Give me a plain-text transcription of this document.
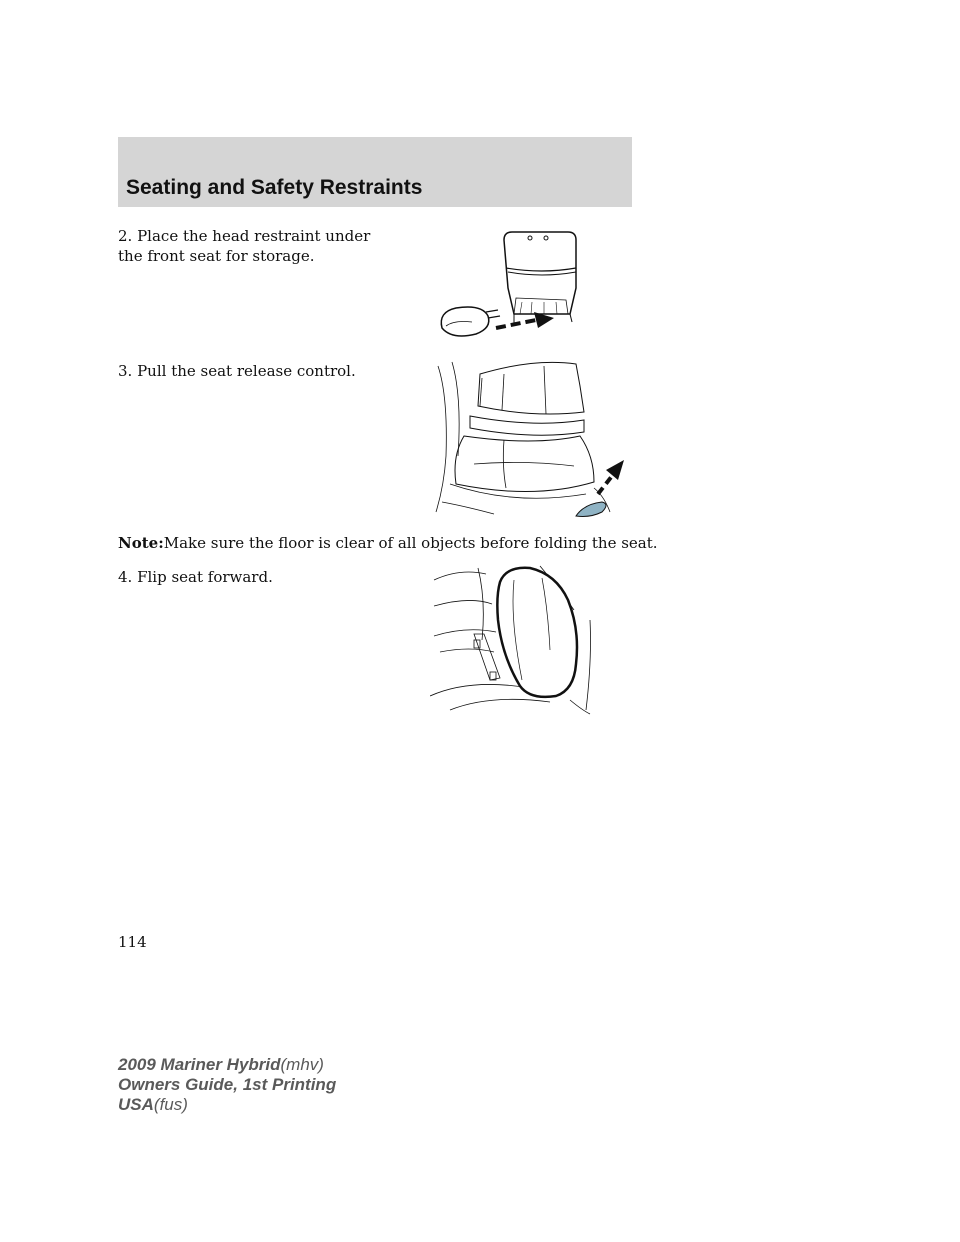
Seating and Safety Restraints
2. Place the head restraint under
the front seat for storage.
3. Pull the seat release control.
Note:Make sure the floor is clear of all objects before folding the seat.
4. Flip seat forward.
114
2009 Mariner Hybrid(mhv)
Owners Guide, 1st Printing
USA(fus)
